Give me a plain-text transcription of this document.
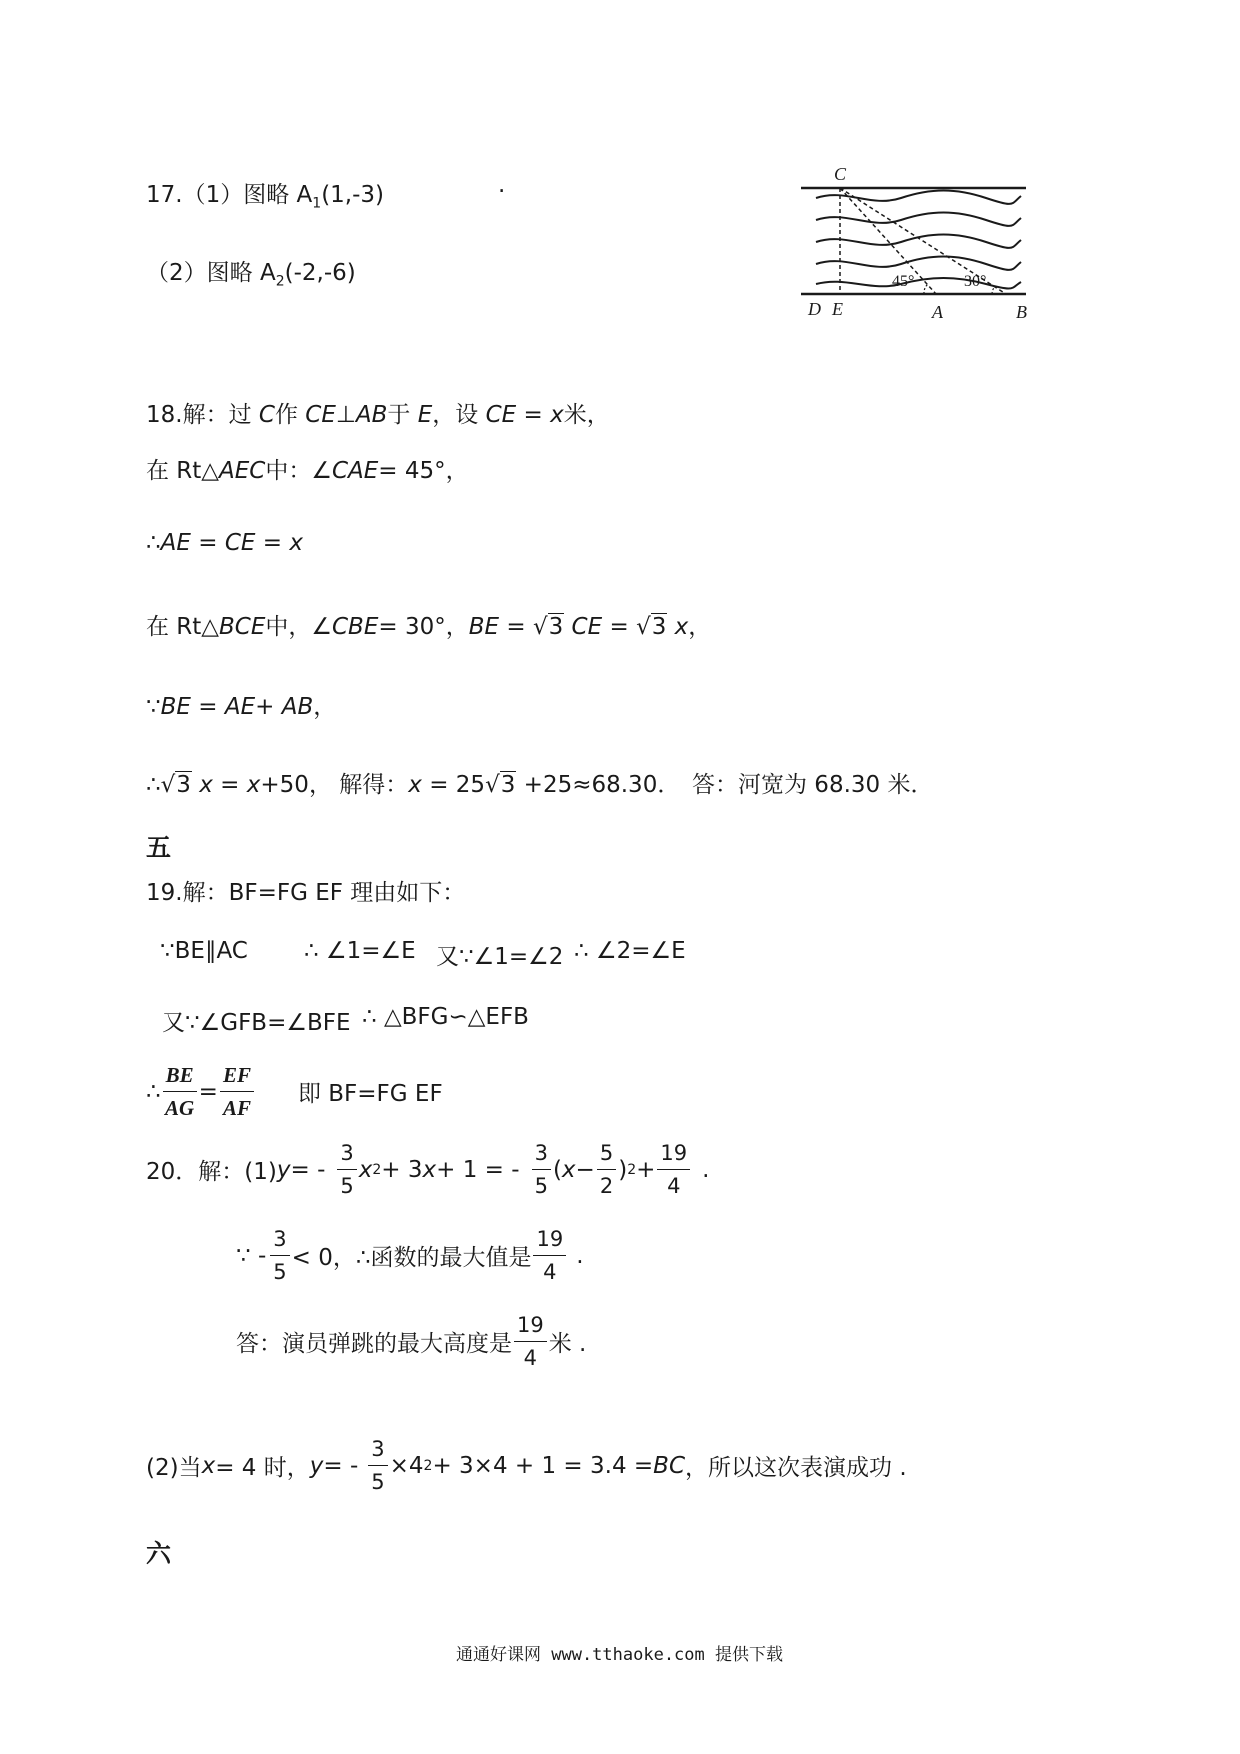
17.（1）图略 $A_1(1,-3)$	.
（2）图略 $A_2(-2,-6)$
C
D E	A	B
45°	30°
18.解：过 C作 CE⊥AB于 E，设 CE = x米，
在 Rt△AEC中：∠CAE= 45°，
∴AE = CE = x
在 Rt△BCE中，∠CBE= 30°，BE = √3 CE = √3 x，
∵BE = AE+ AB，
∴√3 x = x+50， 解得：x = 25√3 +25≈68.30． 答：河宽为 68.30 米．
五
19.解：BF=FG EF 理由如下：
∵BE∥AC ∴ ∠1=∠E 又∵∠1=∠2 ∴ ∠2=∠E
又∵∠GFB=∠BFE ∴ △BFG∽△EFB
∴ $\frac{BE}{AG} = \frac{EF}{AF}$ 即 BF=FG EF
20．解：(1) y = - $\frac{3}{5}$ x 2 + 3 x + 1 = - $\frac{3}{5}$ ( $x - \frac{5}{2}$ ) $2 + \frac{19}{4}$ .
∵ - $\frac{3}{5} < 0$，∴函数的最大值是 $\frac{19}{4}$ .
答：演员弹跳的最大高度是 $\frac{19}{4}$ 米 .
(2)当 x = 4 时， y = - $\frac{3}{5} \times 4$ 2 + 3×4 + 1 = 3.4 = BC ，所以这次表演成功 .
六
通通好课网 www.tthaoke.com 提供下载
